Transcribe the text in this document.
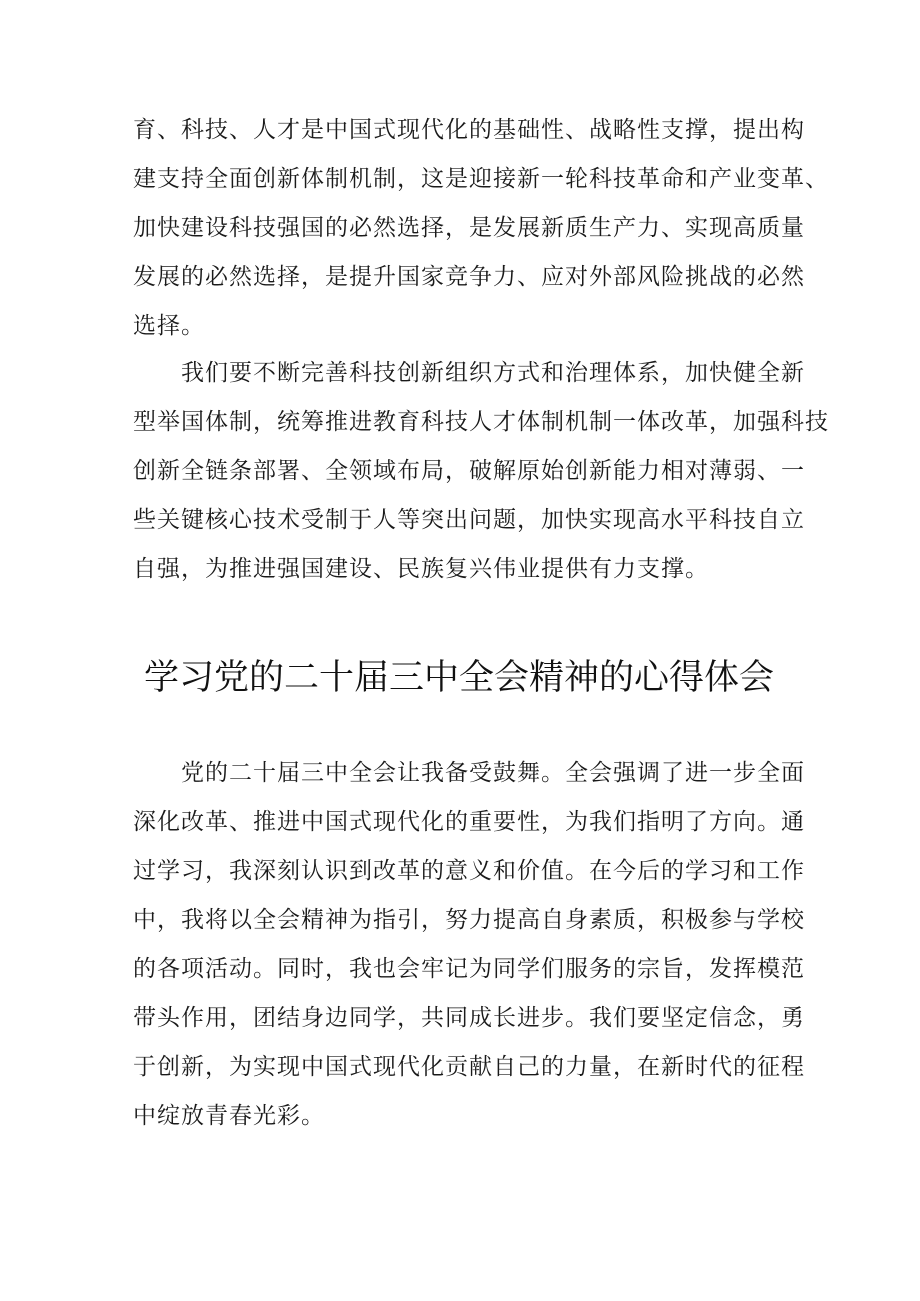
育、科技、人才是中国式现代化的基础性、战略性支撑，提出构
建支持全面创新体制机制，这是迎接新一轮科技革命和产业变革、
加快建设科技强国的必然选择，是发展新质生产力、实现高质量
发展的必然选择，是提升国家竞争力、应对外部风险挑战的必然
选择。
　　我们要不断完善科技创新组织方式和治理体系，加快健全新
型举国体制，统筹推进教育科技人才体制机制一体改革，加强科技
创新全链条部署、全领域布局，破解原始创新能力相对薄弱、一
些关键核心技术受制于人等突出问题，加快实现高水平科技自立
自强，为推进强国建设、民族复兴伟业提供有力支撑。
学习党的二十届三中全会精神的心得体会
　　党的二十届三中全会让我备受鼓舞。全会强调了进一步全面
深化改革、推进中国式现代化的重要性，为我们指明了方向。通
过学习，我深刻认识到改革的意义和价值。在今后的学习和工作
中，我将以全会精神为指引，努力提高自身素质，积极参与学校
的各项活动。同时，我也会牢记为同学们服务的宗旨，发挥模范
带头作用，团结身边同学，共同成长进步。我们要坚定信念，勇
于创新，为实现中国式现代化贡献自己的力量，在新时代的征程
中绽放青春光彩。
